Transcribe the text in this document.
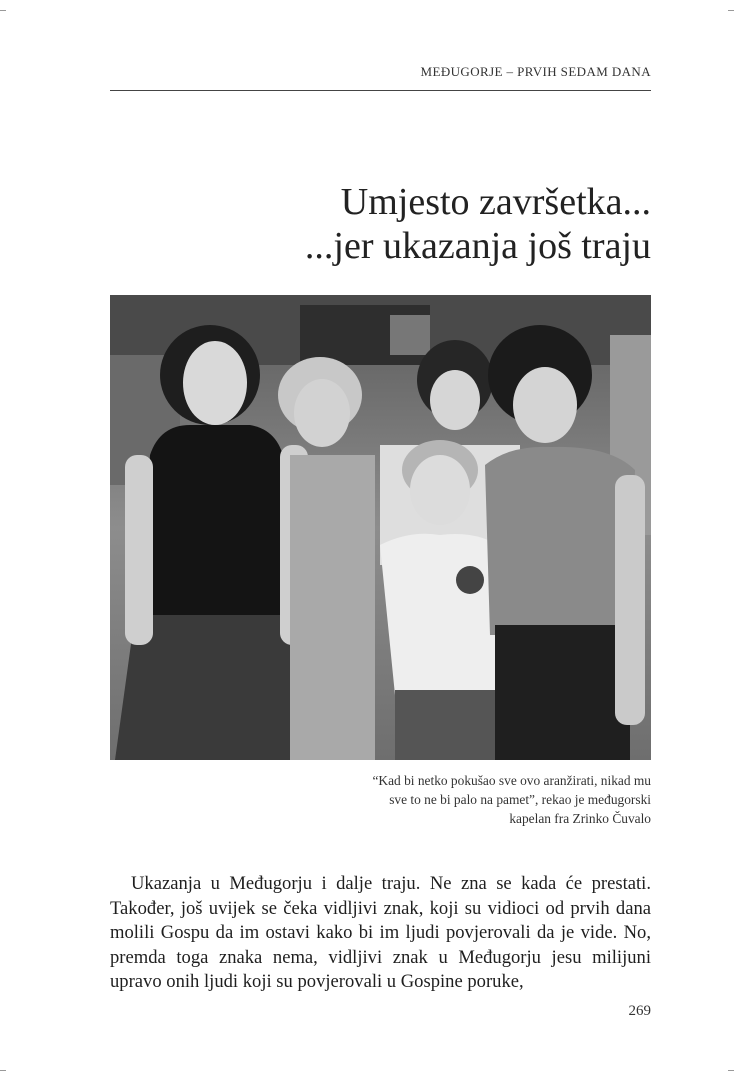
MEĐUGORJE – PRVIH SEDAM DANA
Umjesto završetka...
...jer ukazanja još traju
“Kad bi netko pokušao sve ovo aranžirati, nikad mu
sve to ne bi palo na pamet”, rekao je međugorski
kapelan fra Zrinko Čuvalo

Ukazanja u Međugorju i dalje traju. Ne zna se kada će prestati. Također, još uvijek se čeka vidljivi znak, koji su vidioci od prvih dana molili Gospu da im ostavi kako bi im ljudi povjerovali da je vide. No, premda toga znaka nema, vidljivi znak u Međugorju jesu milijuni upravo onih ljudi koji su povjerovali u Gospine poruke,

269
